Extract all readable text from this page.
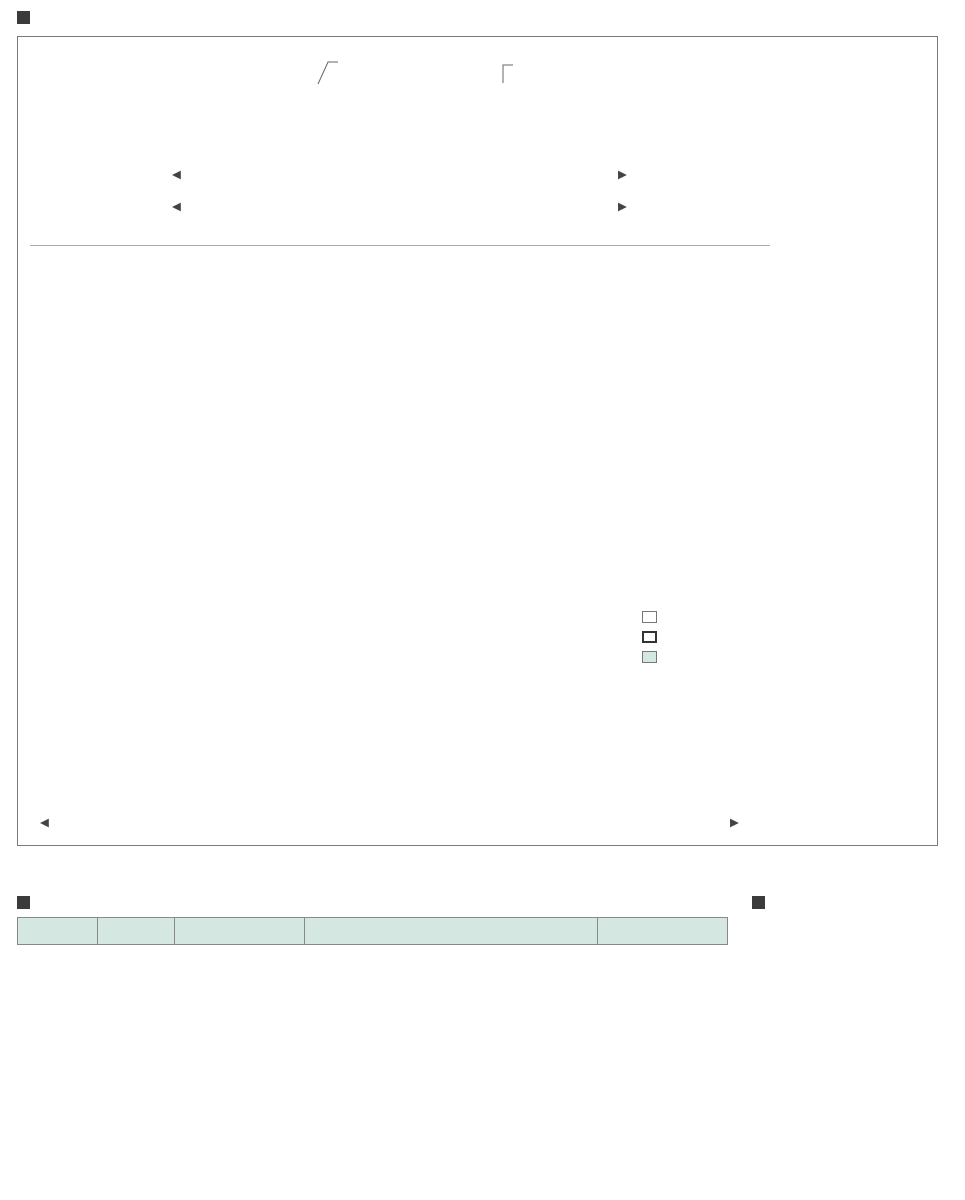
◀	▶
◀	▶
◀	▶
